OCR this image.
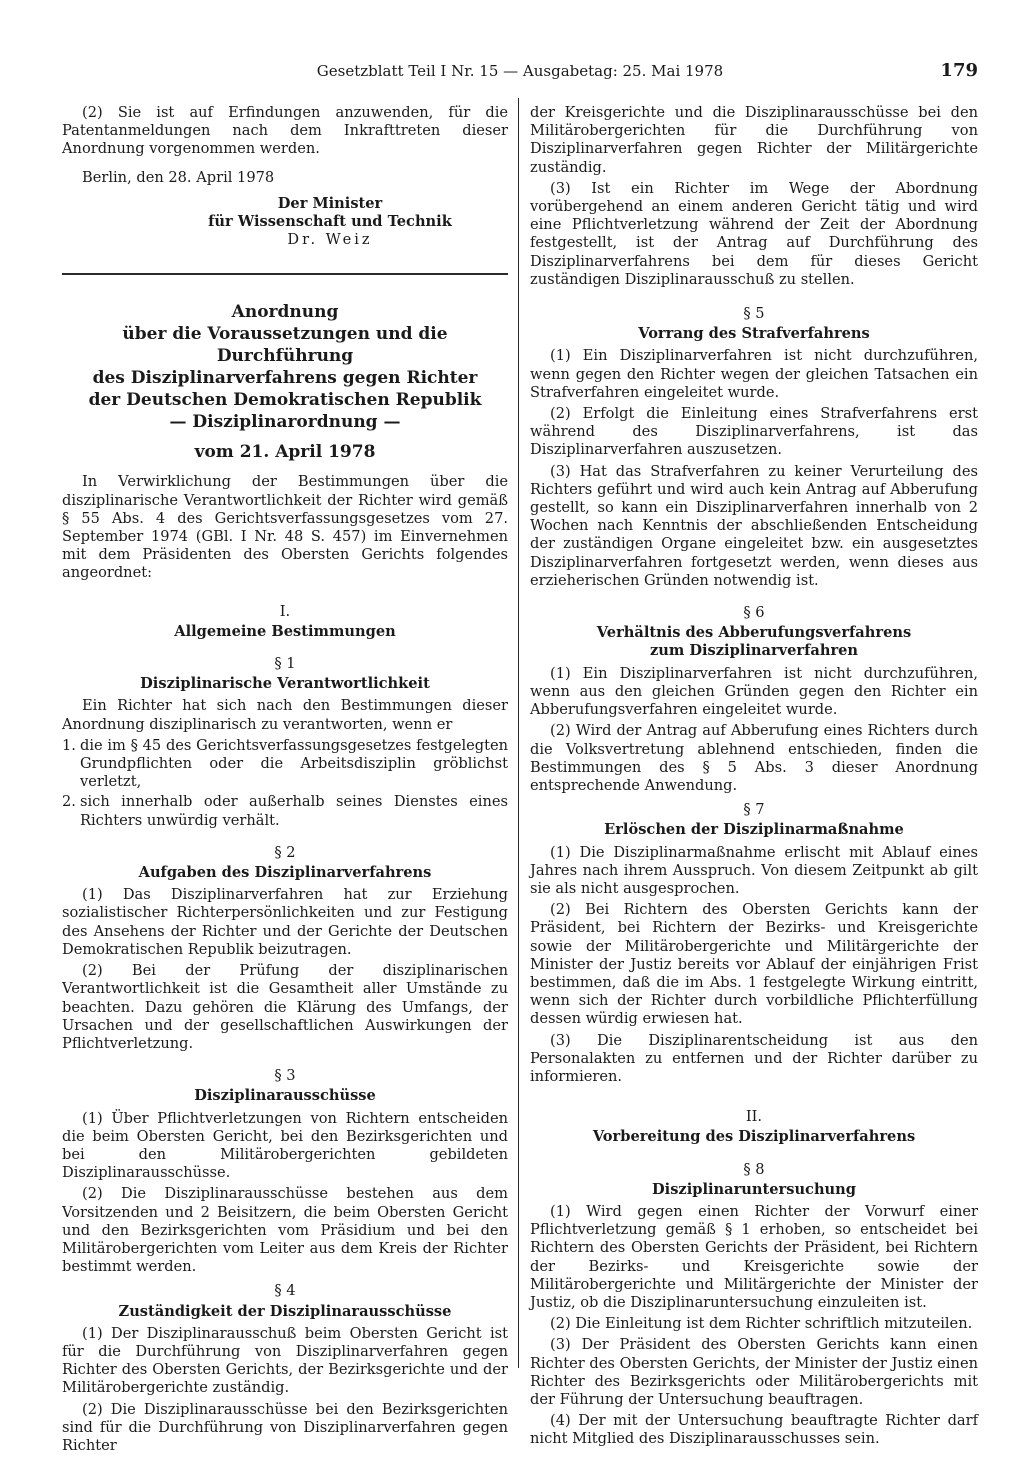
Gesetzblatt Teil I Nr. 15 — Ausgabetag: 25. Mai 1978	179

(2) Sie ist auf Erfindungen anzuwenden, für die Patentanmeldungen nach dem Inkrafttreten dieser Anordnung vorgenommen werden.

Berlin, den 28. April 1978

Der Minister
für Wissenschaft und Technik
Dr. Weiz
Anordnung
über die Voraussetzungen und die Durchführung
des Disziplinarverfahrens gegen Richter
der Deutschen Demokratischen Republik
— Disziplinarordnung —
vom 21. April 1978

In Verwirklichung der Bestimmungen über die disziplinarische Verantwortlichkeit der Richter wird gemäß § 55 Abs. 4 des Gerichtsverfassungsgesetzes vom 27. September 1974 (GBl. I Nr. 48 S. 457) im Einvernehmen mit dem Präsidenten des Obersten Gerichts folgendes angeordnet:

I.
Allgemeine Bestimmungen
§ 1
Disziplinarische Verantwortlichkeit

Ein Richter hat sich nach den Bestimmungen dieser Anordnung disziplinarisch zu verantworten, wenn er

1. die im § 45 des Gerichtsverfassungsgesetzes festgelegten Grundpflichten oder die Arbeitsdisziplin gröblichst verletzt,
2. sich innerhalb oder außerhalb seines Dienstes eines Richters unwürdig verhält.
§ 2
Aufgaben des Disziplinarverfahrens

(1) Das Disziplinarverfahren hat zur Erziehung sozialistischer Richterpersönlichkeiten und zur Festigung des Ansehens der Richter und der Gerichte der Deutschen Demokratischen Republik beizutragen.

(2) Bei der Prüfung der disziplinarischen Verantwortlichkeit ist die Gesamtheit aller Umstände zu beachten. Dazu gehören die Klärung des Umfangs, der Ursachen und der gesellschaftlichen Auswirkungen der Pflichtverletzung.

§ 3
Disziplinarausschüsse

(1) Über Pflichtverletzungen von Richtern entscheiden die beim Obersten Gericht, bei den Bezirksgerichten und bei den Militärobergerichten gebildeten Disziplinarausschüsse.

(2) Die Disziplinarausschüsse bestehen aus dem Vorsitzenden und 2 Beisitzern, die beim Obersten Gericht und den Bezirksgerichten vom Präsidium und bei den Militärobergerichten vom Leiter aus dem Kreis der Richter bestimmt werden.

§ 4
Zuständigkeit der Disziplinarausschüsse

(1) Der Disziplinarausschuß beim Obersten Gericht ist für die Durchführung von Disziplinarverfahren gegen Richter des Obersten Gerichts, der Bezirksgerichte und der Militärobergerichte zuständig.

(2) Die Disziplinarausschüsse bei den Bezirksgerichten sind für die Durchführung von Disziplinarverfahren gegen Richter

der Kreisgerichte und die Disziplinarausschüsse bei den Militärobergerichten für die Durchführung von Disziplinarverfahren gegen Richter der Militärgerichte zuständig.

(3) Ist ein Richter im Wege der Abordnung vorübergehend an einem anderen Gericht tätig und wird eine Pflichtverletzung während der Zeit der Abordnung festgestellt, ist der Antrag auf Durchführung des Disziplinarverfahrens bei dem für dieses Gericht zuständigen Disziplinarausschuß zu stellen.

§ 5
Vorrang des Strafverfahrens

(1) Ein Disziplinarverfahren ist nicht durchzuführen, wenn gegen den Richter wegen der gleichen Tatsachen ein Strafverfahren eingeleitet wurde.

(2) Erfolgt die Einleitung eines Strafverfahrens erst während des Disziplinarverfahrens, ist das Disziplinarverfahren auszusetzen.

(3) Hat das Strafverfahren zu keiner Verurteilung des Richters geführt und wird auch kein Antrag auf Abberufung gestellt, so kann ein Disziplinarverfahren innerhalb von 2 Wochen nach Kenntnis der abschließenden Entscheidung der zuständigen Organe eingeleitet bzw. ein ausgesetztes Disziplinarverfahren fortgesetzt werden, wenn dieses aus erzieherischen Gründen notwendig ist.

§ 6
Verhältnis des Abberufungsverfahrens
zum Disziplinarverfahren

(1) Ein Disziplinarverfahren ist nicht durchzuführen, wenn aus den gleichen Gründen gegen den Richter ein Abberufungsverfahren eingeleitet wurde.

(2) Wird der Antrag auf Abberufung eines Richters durch die Volksvertretung ablehnend entschieden, finden die Bestimmungen des § 5 Abs. 3 dieser Anordnung entsprechende Anwendung.

§ 7
Erlöschen der Disziplinarmaßnahme

(1) Die Disziplinarmaßnahme erlischt mit Ablauf eines Jahres nach ihrem Ausspruch. Von diesem Zeitpunkt ab gilt sie als nicht ausgesprochen.

(2) Bei Richtern des Obersten Gerichts kann der Präsident, bei Richtern der Bezirks- und Kreisgerichte sowie der Militärobergerichte und Militärgerichte der Minister der Justiz bereits vor Ablauf der einjährigen Frist bestimmen, daß die im Abs. 1 festgelegte Wirkung eintritt, wenn sich der Richter durch vorbildliche Pflichterfüllung dessen würdig erwiesen hat.

(3) Die Disziplinarentscheidung ist aus den Personalakten zu entfernen und der Richter darüber zu informieren.

II.
Vorbereitung des Disziplinarverfahrens
§ 8
Disziplinaruntersuchung

(1) Wird gegen einen Richter der Vorwurf einer Pflichtverletzung gemäß § 1 erhoben, so entscheidet bei Richtern des Obersten Gerichts der Präsident, bei Richtern der Bezirks- und Kreisgerichte sowie der Militärobergerichte und Militärgerichte der Minister der Justiz, ob die Disziplinaruntersuchung einzuleiten ist.

(2) Die Einleitung ist dem Richter schriftlich mitzuteilen.

(3) Der Präsident des Obersten Gerichts kann einen Richter des Obersten Gerichts, der Minister der Justiz einen Richter des Bezirksgerichts oder Militärobergerichts mit der Führung der Untersuchung beauftragen.

(4) Der mit der Untersuchung beauftragte Richter darf nicht Mitglied des Disziplinarausschusses sein.
